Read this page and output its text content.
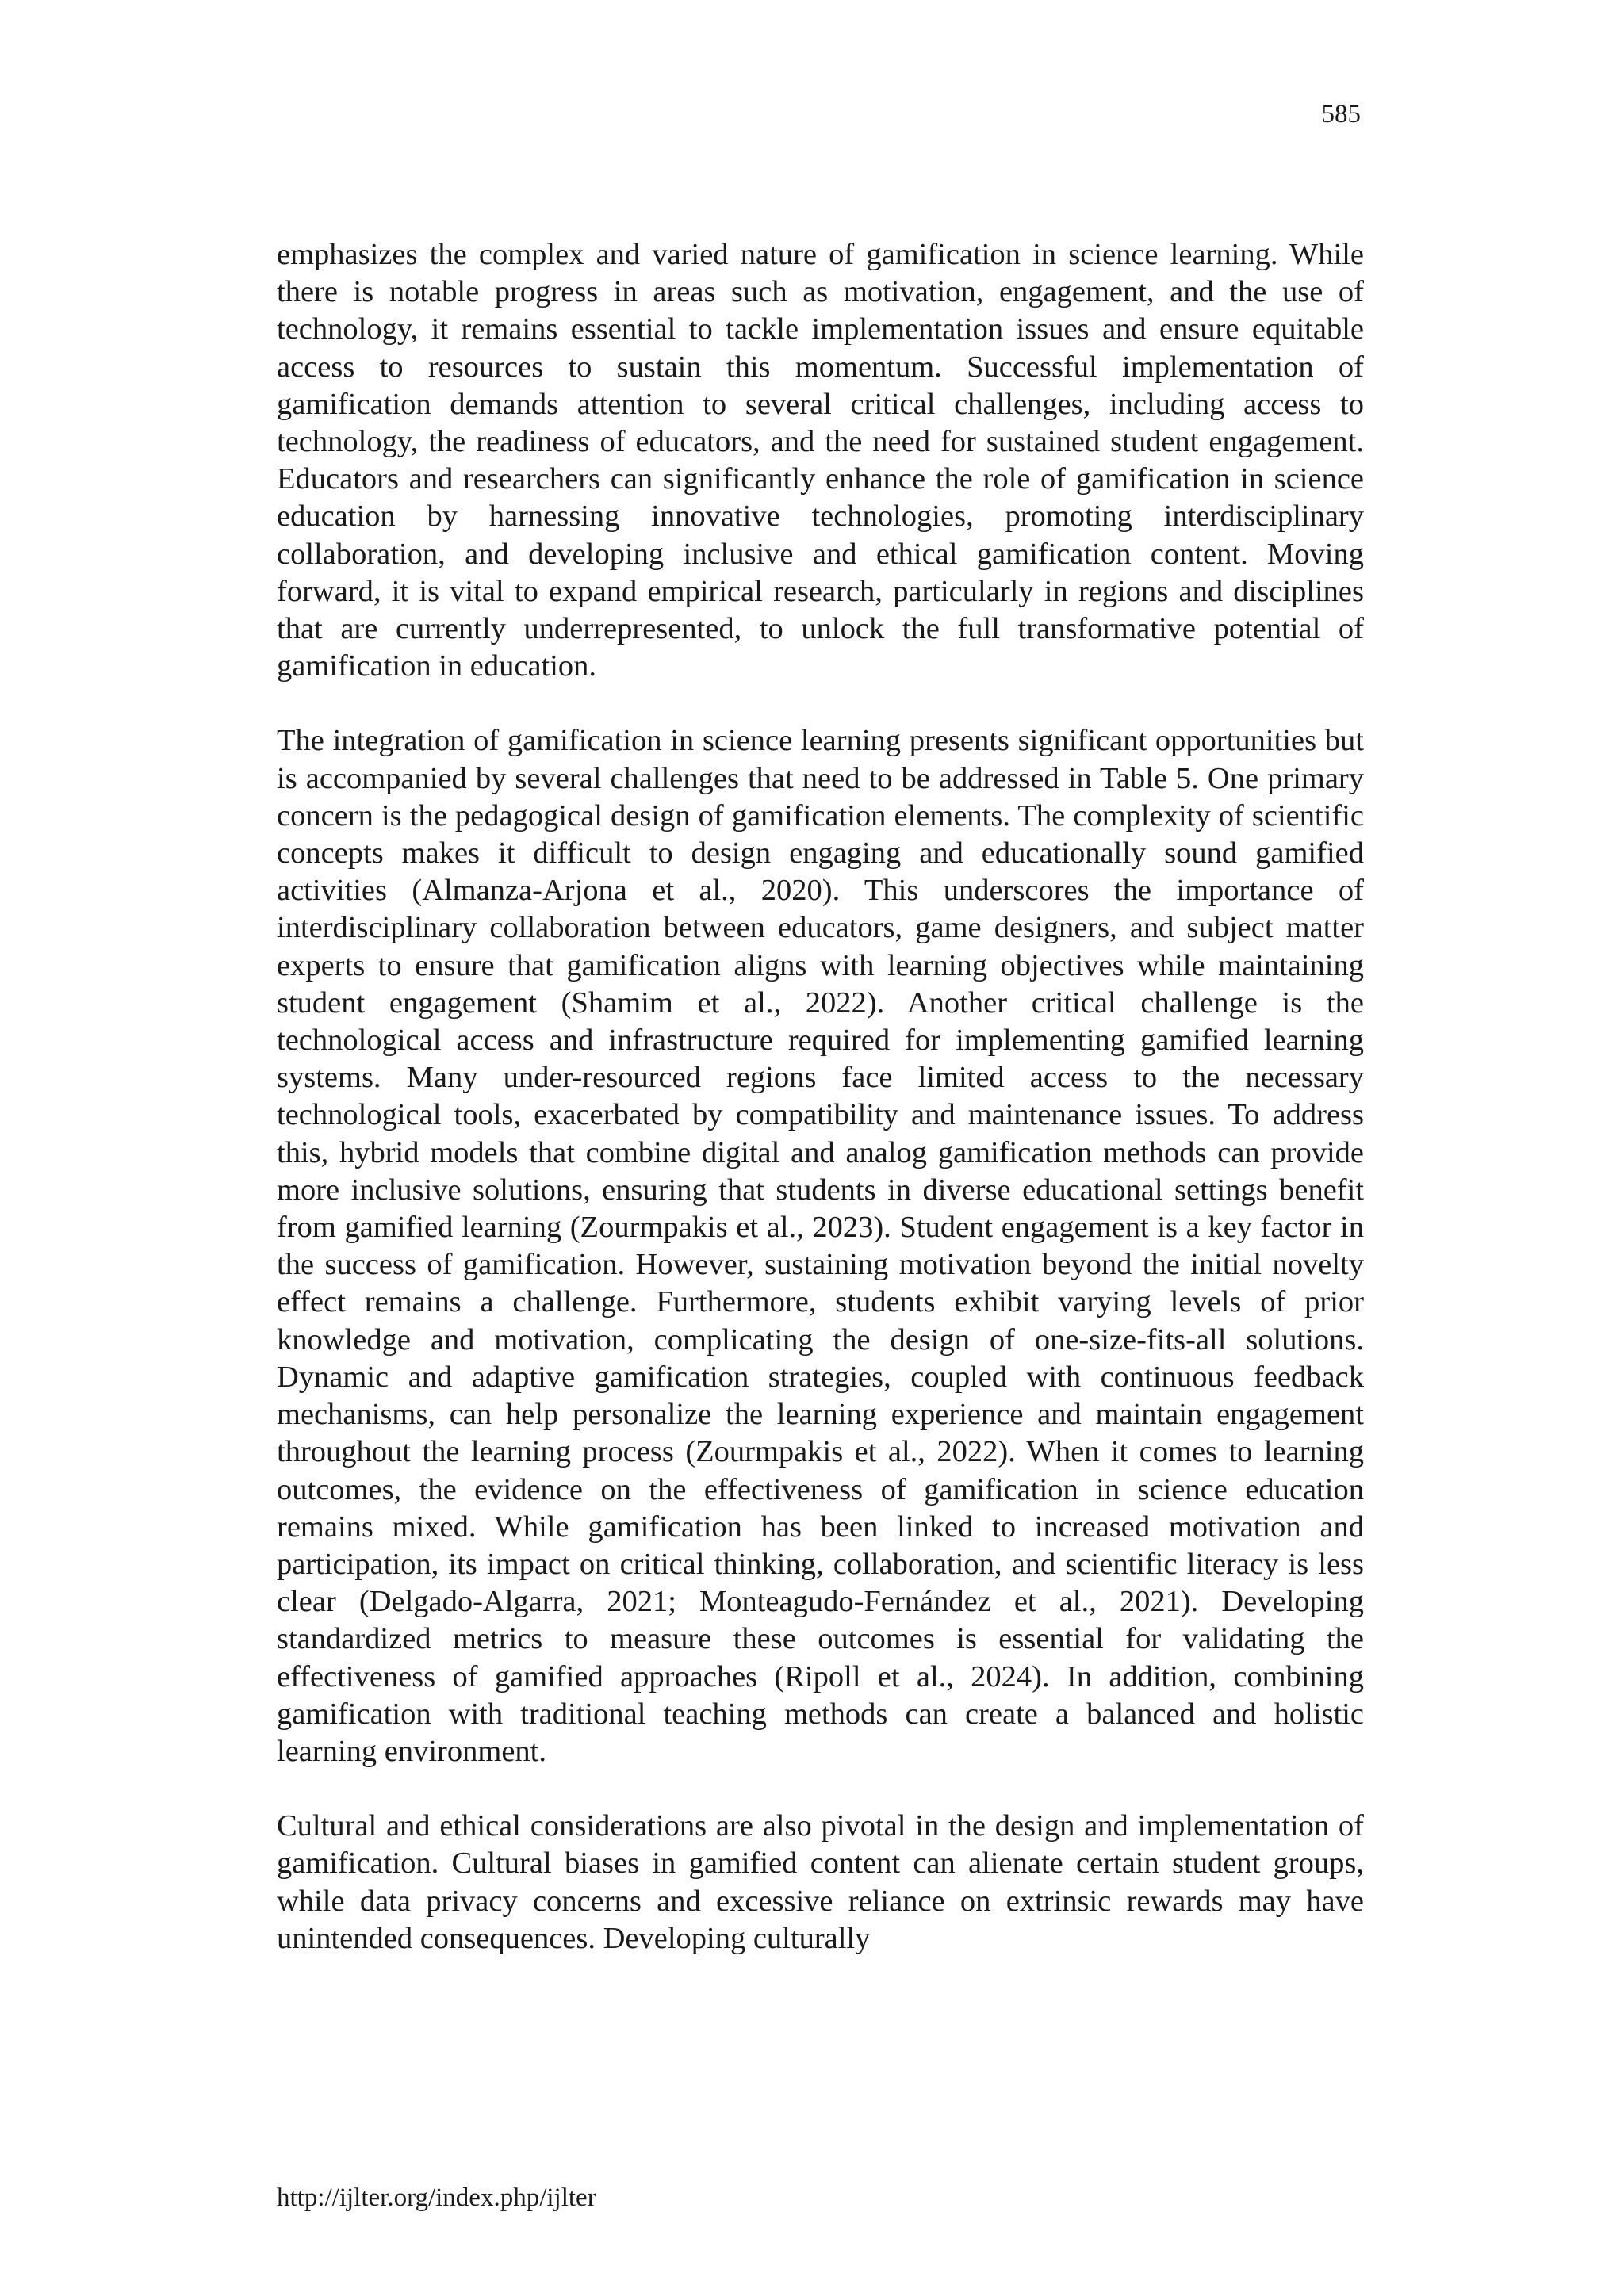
585

emphasizes the complex and varied nature of gamification in science learning. While there is notable progress in areas such as motivation, engagement, and the use of technology, it remains essential to tackle implementation issues and ensure equitable access to resources to sustain this momentum. Successful implementation of gamification demands attention to several critical challenges, including access to technology, the readiness of educators, and the need for sustained student engagement. Educators and researchers can significantly enhance the role of gamification in science education by harnessing innovative technologies, promoting interdisciplinary collaboration, and developing inclusive and ethical gamification content. Moving forward, it is vital to expand empirical research, particularly in regions and disciplines that are currently underrepresented, to unlock the full transformative potential of gamification in education.

The integration of gamification in science learning presents significant opportunities but is accompanied by several challenges that need to be addressed in Table 5. One primary concern is the pedagogical design of gamification elements. The complexity of scientific concepts makes it difficult to design engaging and educationally sound gamified activities (Almanza-Arjona et al., 2020). This underscores the importance of interdisciplinary collaboration between educators, game designers, and subject matter experts to ensure that gamification aligns with learning objectives while maintaining student engagement (Shamim et al., 2022). Another critical challenge is the technological access and infrastructure required for implementing gamified learning systems. Many under-resourced regions face limited access to the necessary technological tools, exacerbated by compatibility and maintenance issues. To address this, hybrid models that combine digital and analog gamification methods can provide more inclusive solutions, ensuring that students in diverse educational settings benefit from gamified learning (Zourmpakis et al., 2023). Student engagement is a key factor in the success of gamification. However, sustaining motivation beyond the initial novelty effect remains a challenge. Furthermore, students exhibit varying levels of prior knowledge and motivation, complicating the design of one-size-fits-all solutions. Dynamic and adaptive gamification strategies, coupled with continuous feedback mechanisms, can help personalize the learning experience and maintain engagement throughout the learning process (Zourmpakis et al., 2022). When it comes to learning outcomes, the evidence on the effectiveness of gamification in science education remains mixed. While gamification has been linked to increased motivation and participation, its impact on critical thinking, collaboration, and scientific literacy is less clear (Delgado-Algarra, 2021; Monteagudo-Fernández et al., 2021). Developing standardized metrics to measure these outcomes is essential for validating the effectiveness of gamified approaches (Ripoll et al., 2024). In addition, combining gamification with traditional teaching methods can create a balanced and holistic learning environment.

Cultural and ethical considerations are also pivotal in the design and implementation of gamification. Cultural biases in gamified content can alienate certain student groups, while data privacy concerns and excessive reliance on extrinsic rewards may have unintended consequences. Developing culturally

http://ijlter.org/index.php/ijlter
